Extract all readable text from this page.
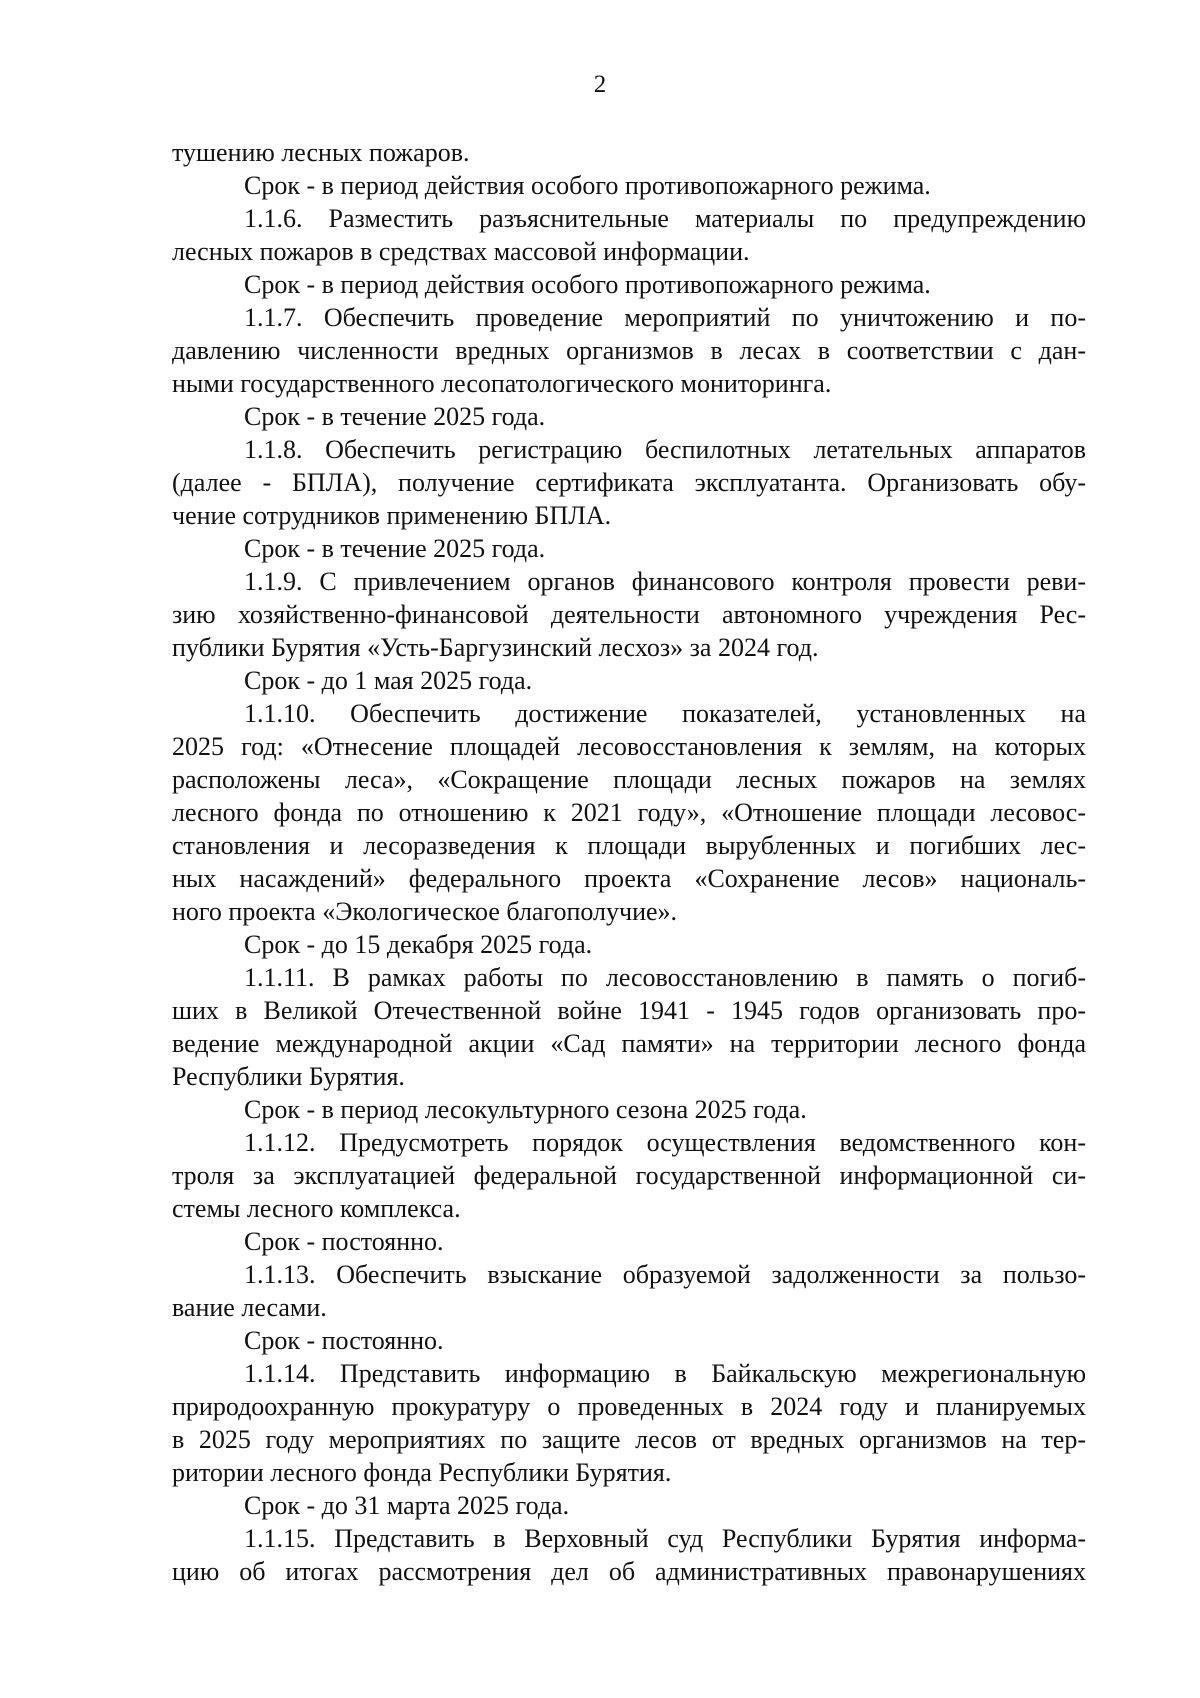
2
тушению лесных пожаров.
Срок - в период действия особого противопожарного режима.
1.1.6. Разместить разъяснительные материалы по предупреждению
лесных пожаров в средствах массовой информации.
Срок - в период действия особого противопожарного режима.
1.1.7. Обеспечить проведение мероприятий по уничтожению и по-
давлению численности вредных организмов в лесах в соответствии с дан-
ными государственного лесопатологического мониторинга.
Срок - в течение 2025 года.
1.1.8. Обеспечить регистрацию беспилотных летательных аппаратов
(далее - БПЛА), получение сертификата эксплуатанта. Организовать обу-
чение сотрудников применению БПЛА.
Срок - в течение 2025 года.
1.1.9. С привлечением органов финансового контроля провести реви-
зию хозяйственно-финансовой деятельности автономного учреждения Рес-
публики Бурятия «Усть-Баргузинский лесхоз» за 2024 год.
Срок - до 1 мая 2025 года.
1.1.10. Обеспечить достижение показателей, установленных на
2025 год: «Отнесение площадей лесовосстановления к землям, на которых
расположены леса», «Сокращение площади лесных пожаров на землях
лесного фонда по отношению к 2021 году», «Отношение площади лесовос-
становления и лесоразведения к площади вырубленных и погибших лес-
ных насаждений» федерального проекта «Сохранение лесов» националь-
ного проекта «Экологическое благополучие».
Срок - до 15 декабря 2025 года.
1.1.11. В рамках работы по лесовосстановлению в память о погиб-
ших в Великой Отечественной войне 1941 - 1945 годов организовать про-
ведение международной акции «Сад памяти» на территории лесного фонда
Республики Бурятия.
Срок - в период лесокультурного сезона 2025 года.
1.1.12. Предусмотреть порядок осуществления ведомственного кон-
троля за эксплуатацией федеральной государственной информационной си-
стемы лесного комплекса.
Срок - постоянно.
1.1.13. Обеспечить взыскание образуемой задолженности за пользо-
вание лесами.
Срок - постоянно.
1.1.14. Представить информацию в Байкальскую межрегиональную
природоохранную прокуратуру о проведенных в 2024 году и планируемых
в 2025 году мероприятиях по защите лесов от вредных организмов на тер-
ритории лесного фонда Республики Бурятия.
Срок - до 31 марта 2025 года.
1.1.15. Представить в Верховный суд Республики Бурятия информа-
цию об итогах рассмотрения дел об административных правонарушениях
